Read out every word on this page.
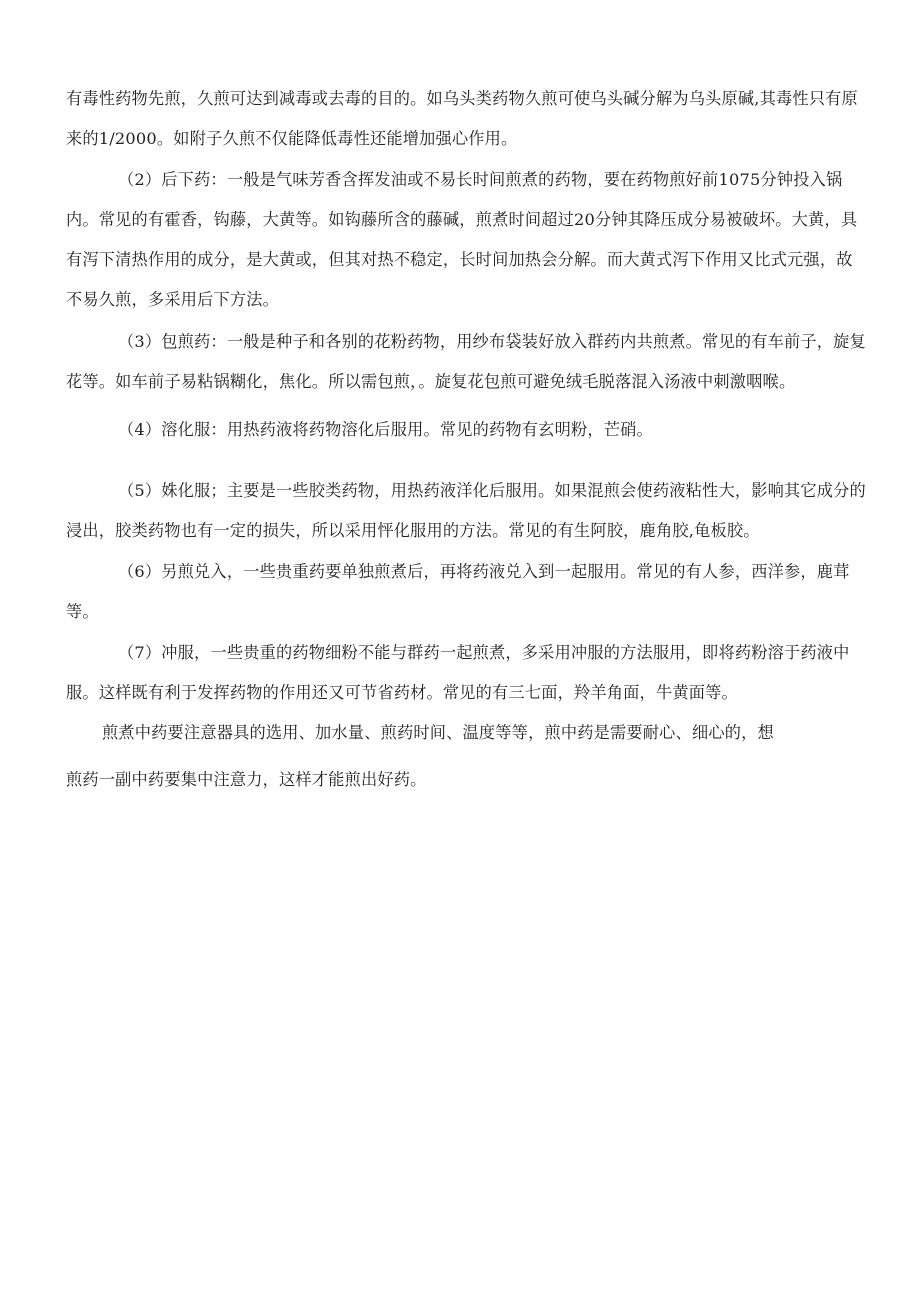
有毒性药物先煎，久煎可达到减毒或去毒的目的。如乌头类药物久煎可使乌头碱分解为乌头原碱,其毒性只有原来的1/2000。如附子久煎不仅能降低毒性还能增加强心作用。

（2）后下药：一般是气味芳香含挥发油或不易长时间煎煮的药物，要在药物煎好前1075分钟投入锅内。常见的有霍香，钩藤，大黄等。如钩藤所含的藤碱，煎煮时间超过20分钟其降压成分易被破坏。大黄，具有泻下清热作用的成分，是大黄或，但其对热不稳定，长时间加热会分解。而大黄式泻下作用又比式元强，故不易久煎，多采用后下方法。

（3）包煎药：一般是种子和各别的花粉药物，用纱布袋装好放入群药内共煎煮。常见的有车前子，旋复花等。如车前子易粘锅糊化，焦化。所以需包煎，。旋复花包煎可避免绒毛脱落混入汤液中刺激咽喉。

（4）溶化服：用热药液将药物溶化后服用。常见的药物有玄明粉，芒硝。

（5）姝化服；主要是一些胶类药物，用热药液洋化后服用。如果混煎会使药液粘性大，影响其它成分的浸出，胶类药物也有一定的损失，所以采用怦化服用的方法。常见的有生阿胶，鹿角胶,龟板胶。

（6）另煎兑入，一些贵重药要单独煎煮后，再将药液兑入到一起服用。常见的有人参，西洋参，鹿茸等。

（7）冲服，一些贵重的药物细粉不能与群药一起煎煮，多采用冲服的方法服用，即将药粉溶于药液中服。这样既有利于发挥药物的作用还又可节省药材。常见的有三七面，羚羊角面，牛黄面等。

煎煮中药要注意器具的选用、加水量、煎药时间、温度等等，煎中药是需要耐心、细心的，想

煎药一副中药要集中注意力，这样才能煎出好药。
